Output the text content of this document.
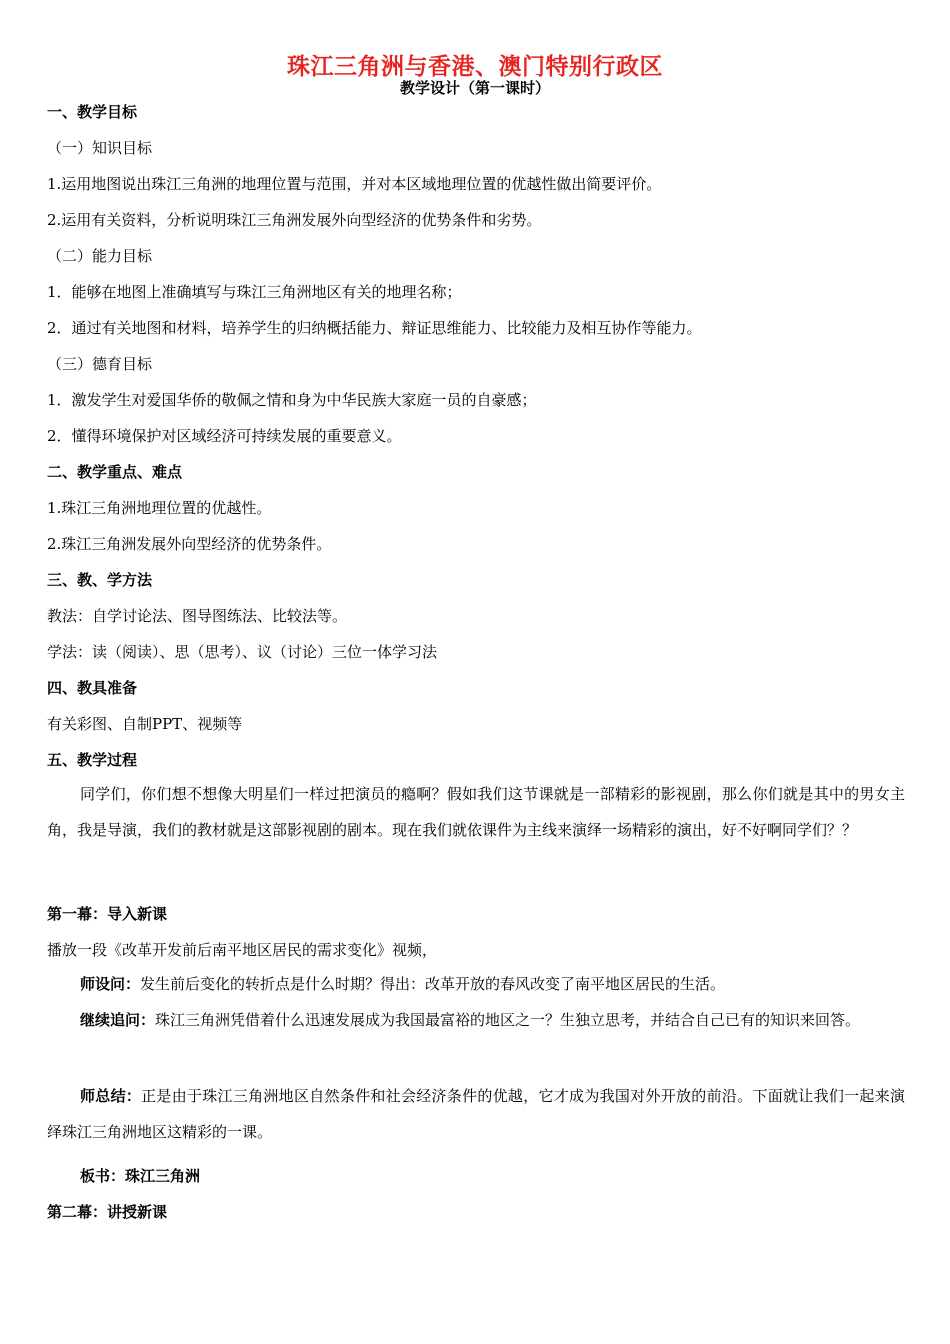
珠江三角洲与香港、澳门特别行政区
教学设计（第一课时）
一、教学目标
（一）知识目标
1.运用地图说出珠江三角洲的地理位置与范围，并对本区域地理位置的优越性做出简要评价。
2.运用有关资料，分析说明珠江三角洲发展外向型经济的优势条件和劣势。
（二）能力目标
1．能够在地图上准确填写与珠江三角洲地区有关的地理名称；
2．通过有关地图和材料，培养学生的归纳概括能力、辩证思维能力、比较能力及相互协作等能力。
（三）德育目标
1．激发学生对爱国华侨的敬佩之情和身为中华民族大家庭一员的自豪感；
2．懂得环境保护对区域经济可持续发展的重要意义。
二、教学重点、难点
1.珠江三角洲地理位置的优越性。
2.珠江三角洲发展外向型经济的优势条件。
三、教、学方法
教法：自学讨论法、图导图练法、比较法等。
学法：读（阅读）、思（思考）、议（讨论）三位一体学习法
四、教具准备
有关彩图、自制PPT、视频等
五、教学过程
同学们，你们想不想像大明星们一样过把演员的瘾啊？假如我们这节课就是一部精彩的影视剧，那么你们就是其中的男女主角，我是导演，我们的教材就是这部影视剧的剧本。现在我们就依课件为主线来演绎一场精彩的演出，好不好啊同学们？？
第一幕：导入新课
播放一段《改革开发前后南平地区居民的需求变化》视频，
师设问：发生前后变化的转折点是什么时期？得出：改革开放的春风改变了南平地区居民的生活。
继续追问：珠江三角洲凭借着什么迅速发展成为我国最富裕的地区之一？生独立思考，并结合自己已有的知识来回答。
师总结：正是由于珠江三角洲地区自然条件和社会经济条件的优越，它才成为我国对外开放的前沿。下面就让我们一起来演绎珠江三角洲地区这精彩的一课。
板书：珠江三角洲
第二幕：讲授新课
